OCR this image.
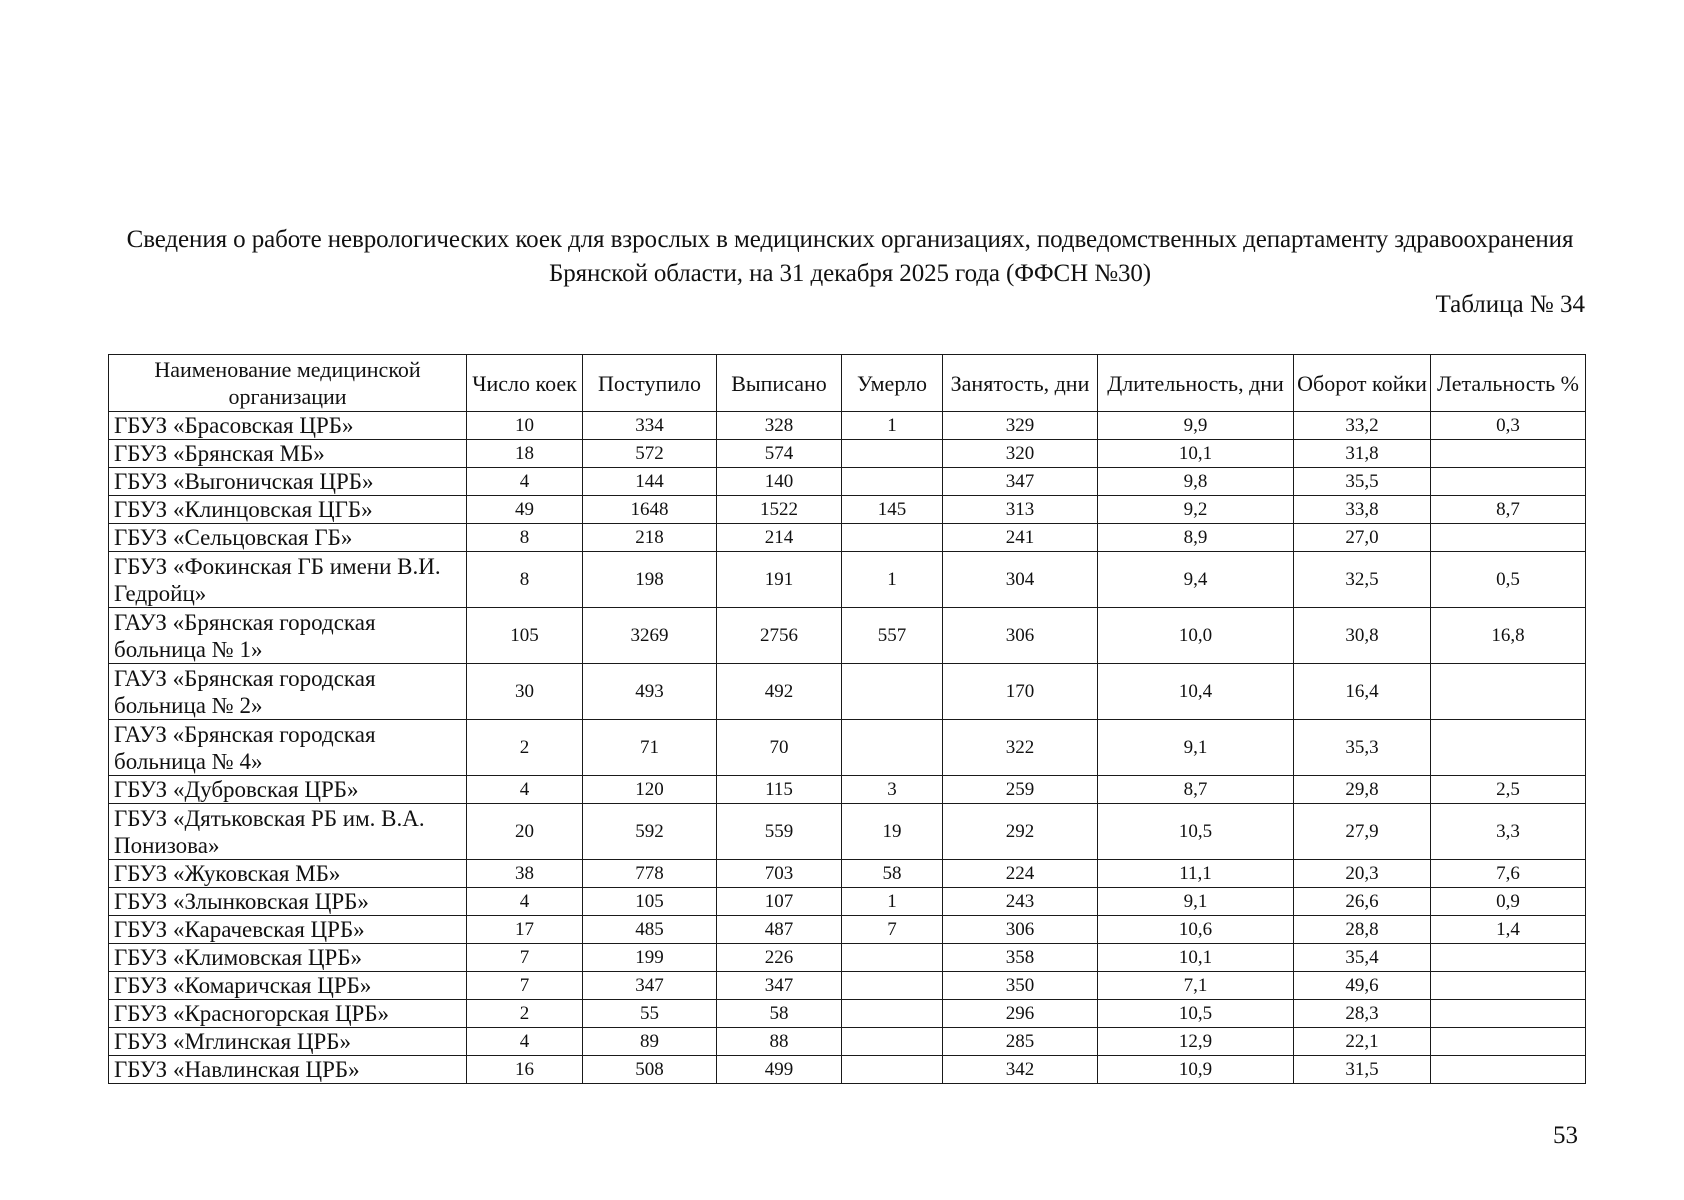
Сведения о работе неврологических коек для взрослых в медицинских организациях, подведомственных департаменту здравоохранения Брянской области, на 31 декабря 2025 года (ФФСН №30)
Таблица № 34
Наименование медицинской организации	Число коек	Поступило	Выписано	Умерло	Занятость, дни	Длительность, дни	Оборот койки	Летальность %
ГБУЗ «Брасовская ЦРБ»	10	334	328	1	329	9,9	33,2	0,3
ГБУЗ «Брянская МБ»	18	572	574		320	10,1	31,8	
ГБУЗ «Выгоничская ЦРБ»	4	144	140		347	9,8	35,5	
ГБУЗ «Клинцовская ЦГБ»	49	1648	1522	145	313	9,2	33,8	8,7
ГБУЗ «Сельцовская ГБ»	8	218	214		241	8,9	27,0	
ГБУЗ «Фокинская ГБ имени В.И. Гедройц»	8	198	191	1	304	9,4	32,5	0,5
ГАУЗ «Брянская городская больница № 1»	105	3269	2756	557	306	10,0	30,8	16,8
ГАУЗ «Брянская городская больница № 2»	30	493	492		170	10,4	16,4	
ГАУЗ «Брянская городская больница № 4»	2	71	70		322	9,1	35,3	
ГБУЗ «Дубровская ЦРБ»	4	120	115	3	259	8,7	29,8	2,5
ГБУЗ «Дятьковская РБ им. В.А. Понизова»	20	592	559	19	292	10,5	27,9	3,3
ГБУЗ «Жуковская МБ»	38	778	703	58	224	11,1	20,3	7,6
ГБУЗ «Злынковская ЦРБ»	4	105	107	1	243	9,1	26,6	0,9
ГБУЗ «Карачевская ЦРБ»	17	485	487	7	306	10,6	28,8	1,4
ГБУЗ «Климовская ЦРБ»	7	199	226		358	10,1	35,4	
ГБУЗ «Комаричская ЦРБ»	7	347	347		350	7,1	49,6	
ГБУЗ «Красногорская ЦРБ»	2	55	58		296	10,5	28,3	
ГБУЗ «Мглинская ЦРБ»	4	89	88		285	12,9	22,1	
ГБУЗ «Навлинская ЦРБ»	16	508	499		342	10,9	31,5	
53
